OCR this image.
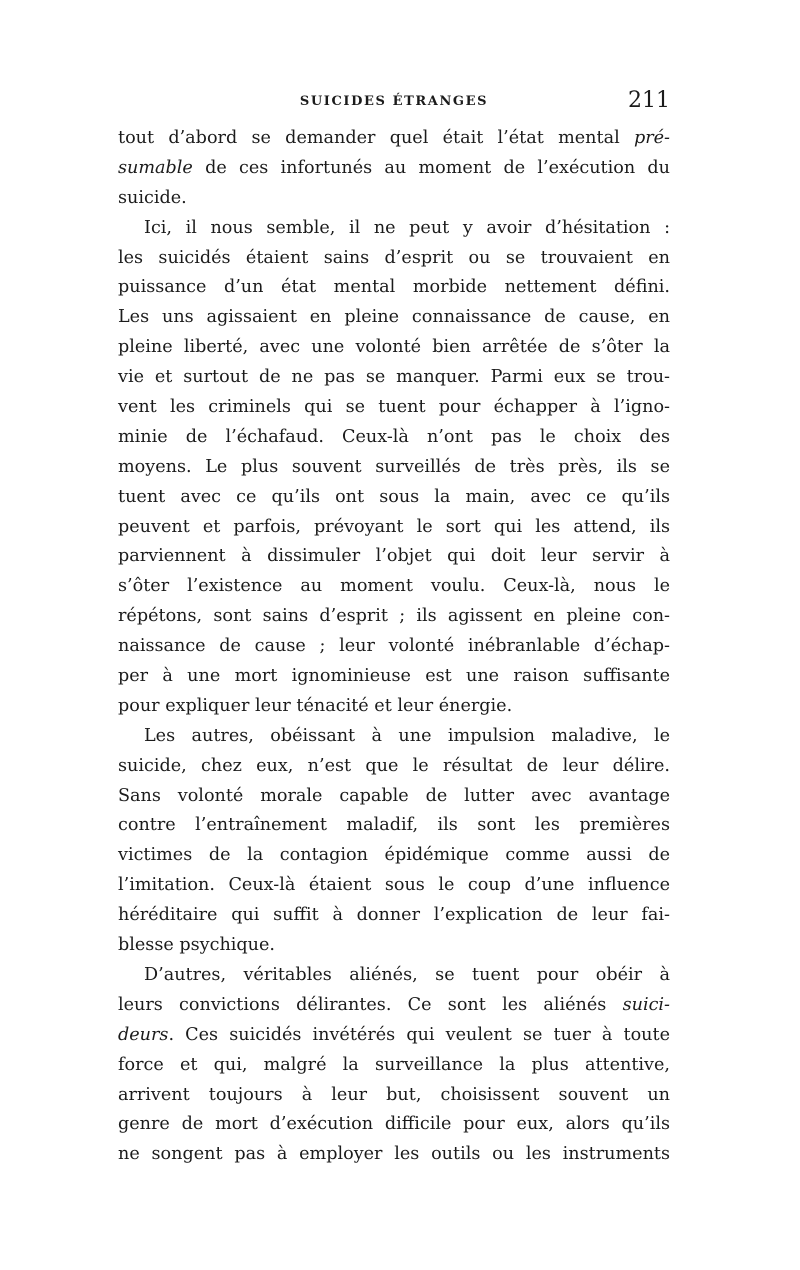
SUICIDES ÉTRANGES	211
tout d’abord se demander quel était l’état mental pré-
sumable de ces infortunés au moment de l’exécution du
suicide.
Ici, il nous semble, il ne peut y avoir d’hésitation :
les suicidés étaient sains d’esprit ou se trouvaient en
puissance d’un état mental morbide nettement défini.
Les uns agissaient en pleine connaissance de cause, en
pleine liberté, avec une volonté bien arrêtée de s’ôter la
vie et surtout de ne pas se manquer. Parmi eux se trou-
vent les criminels qui se tuent pour échapper à l’igno-
minie de l’échafaud. Ceux-là n’ont pas le choix des
moyens. Le plus souvent surveillés de très près, ils se
tuent avec ce qu’ils ont sous la main, avec ce qu’ils
peuvent et parfois, prévoyant le sort qui les attend, ils
parviennent à dissimuler l’objet qui doit leur servir à
s’ôter l’existence au moment voulu. Ceux-là, nous le
répétons, sont sains d’esprit ; ils agissent en pleine con-
naissance de cause ; leur volonté inébranlable d’échap-
per à une mort ignominieuse est une raison suffisante
pour expliquer leur ténacité et leur énergie.
Les autres, obéissant à une impulsion maladive, le
suicide, chez eux, n’est que le résultat de leur délire.
Sans volonté morale capable de lutter avec avantage
contre l’entraînement maladif, ils sont les premières
victimes de la contagion épidémique comme aussi de
l’imitation. Ceux-là étaient sous le coup d’une influence
héréditaire qui suffit à donner l’explication de leur fai-
blesse psychique.
D’autres, véritables aliénés, se tuent pour obéir à
leurs convictions délirantes. Ce sont les aliénés suici-
deurs. Ces suicidés invétérés qui veulent se tuer à toute
force et qui, malgré la surveillance la plus attentive,
arrivent toujours à leur but, choisissent souvent un
genre de mort d’exécution difficile pour eux, alors qu’ils
ne songent pas à employer les outils ou les instruments
